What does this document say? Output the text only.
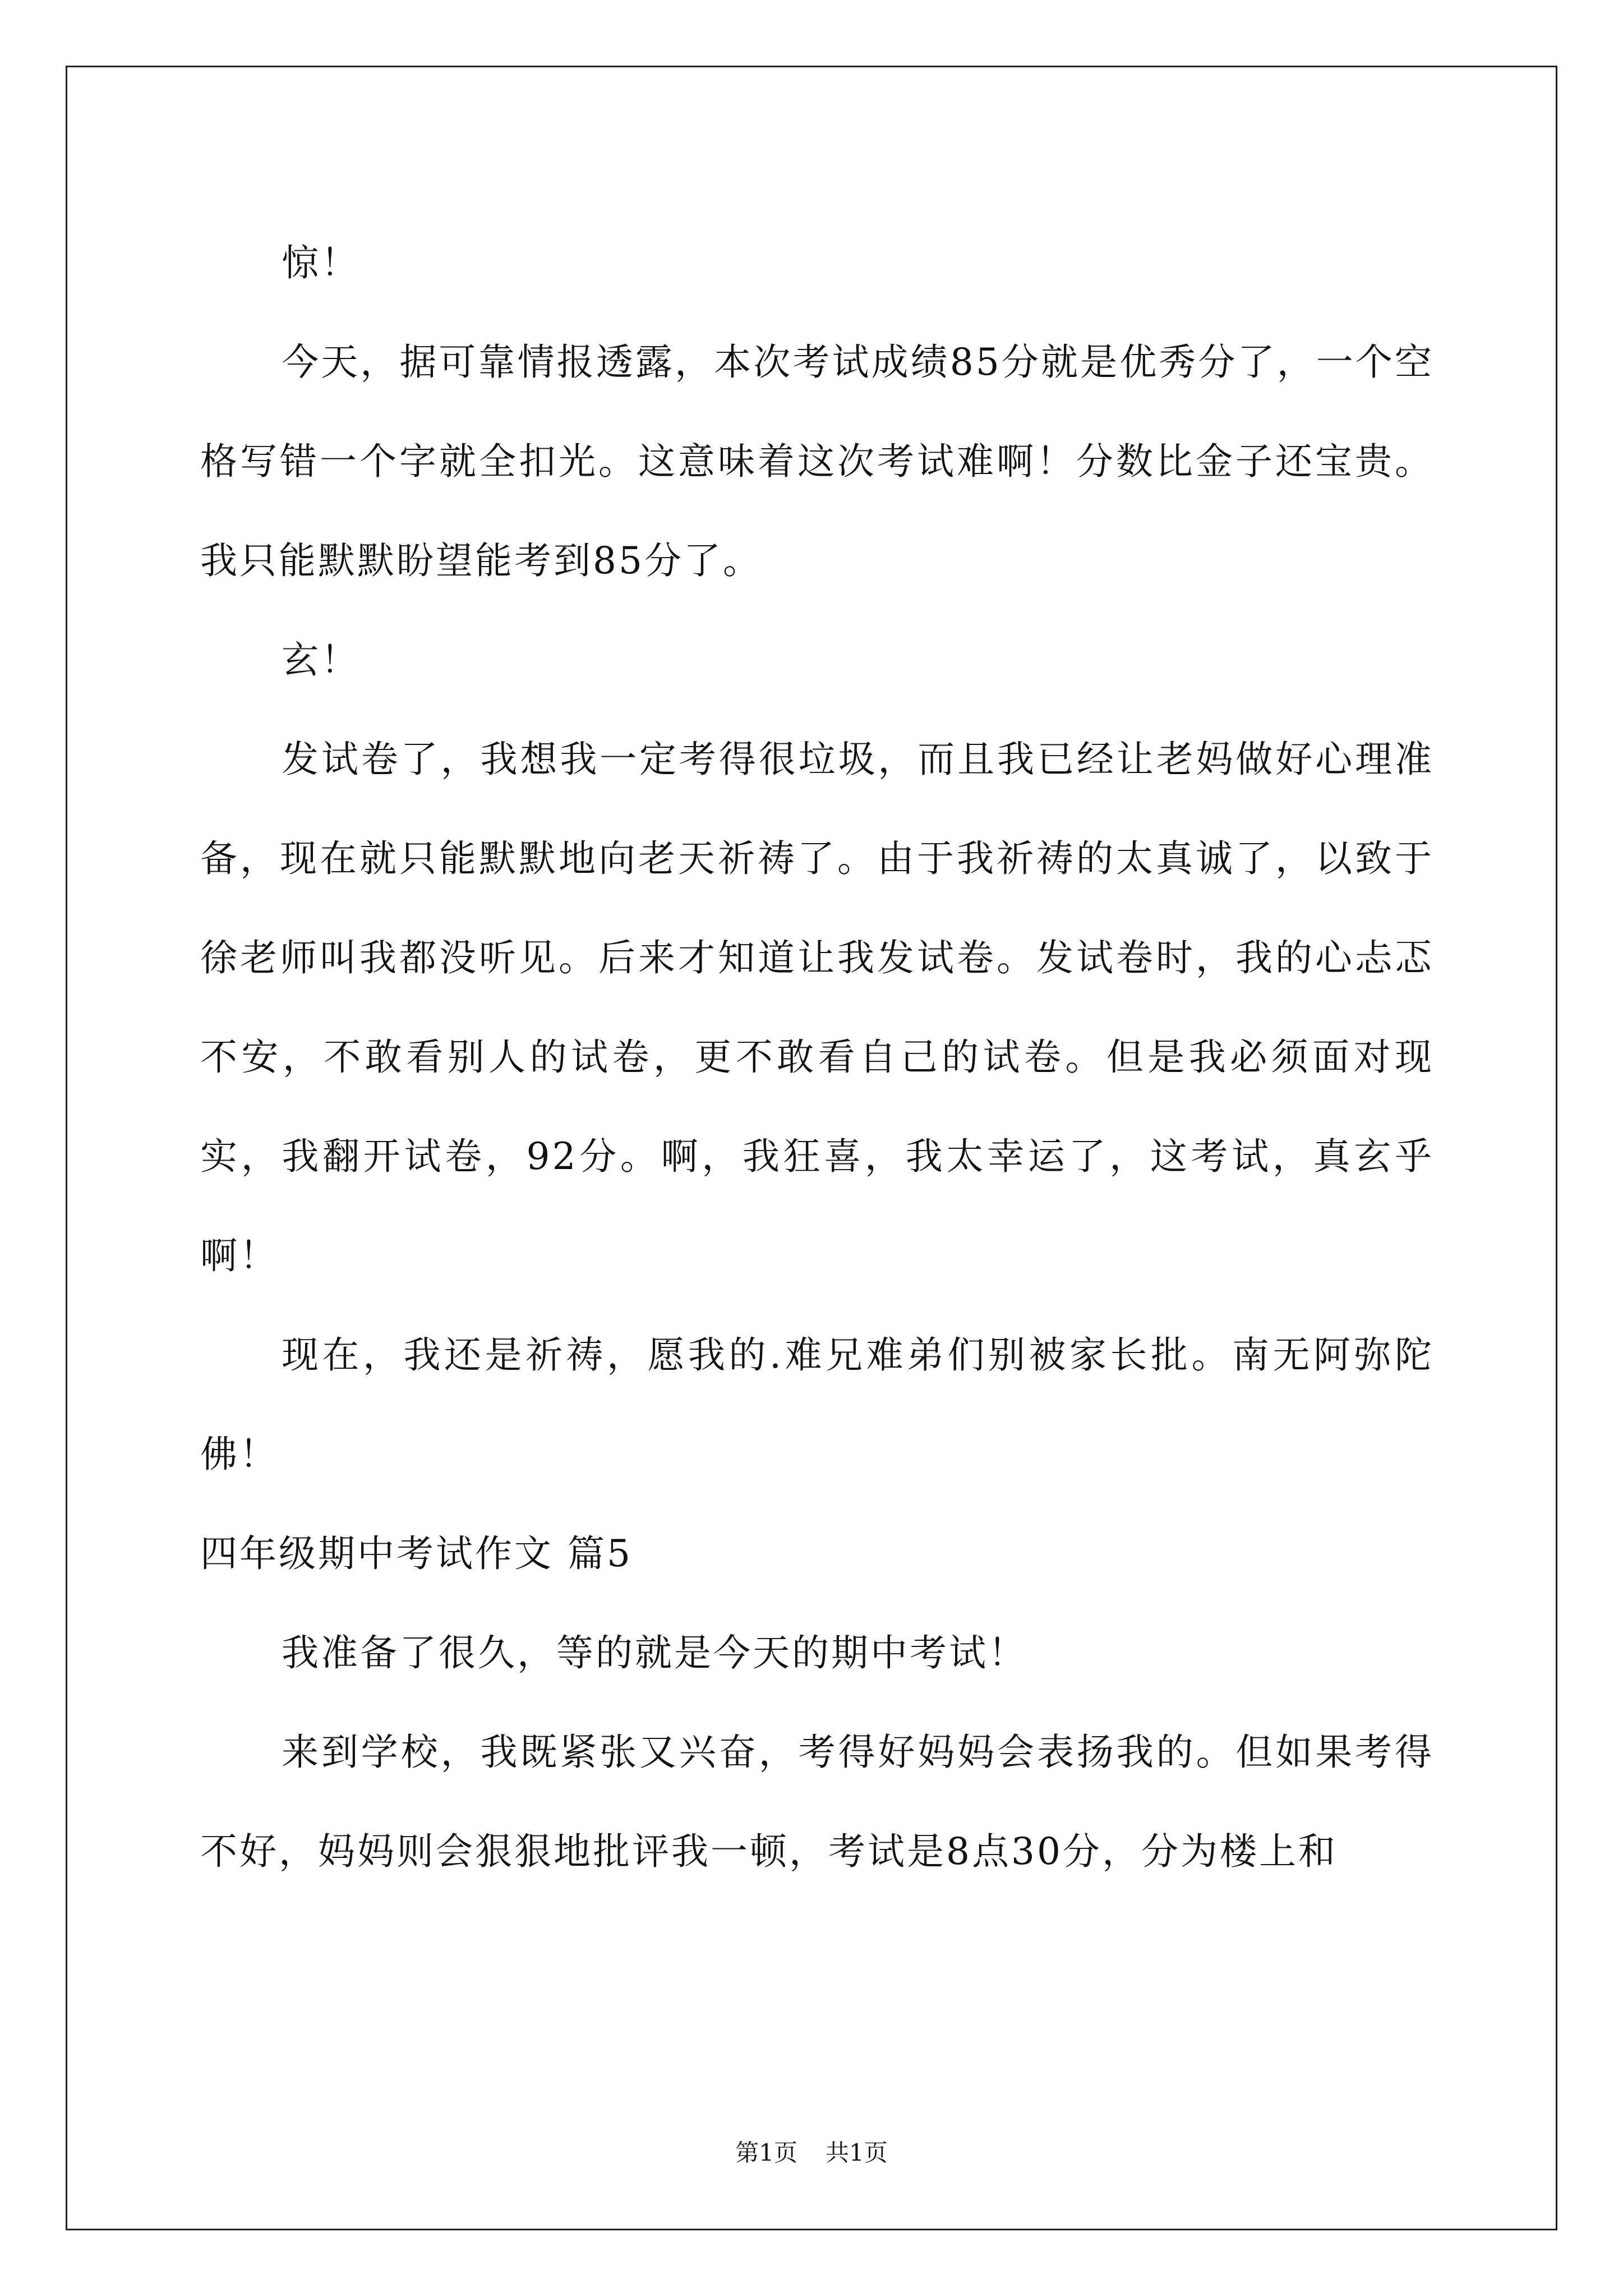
惊！

今天，据可靠情报透露，本次考试成绩85分就是优秀分了，一个空格写错一个字就全扣光。这意味着这次考试难啊！分数比金子还宝贵。我只能默默盼望能考到85分了。

玄！

发试卷了，我想我一定考得很垃圾，而且我已经让老妈做好心理准备，现在就只能默默地向老天祈祷了。由于我祈祷的太真诚了，以致于徐老师叫我都没听见。后来才知道让我发试卷。发试卷时，我的心忐忑不安，不敢看别人的试卷，更不敢看自己的试卷。但是我必须面对现实，我翻开试卷，92分。啊，我狂喜，我太幸运了，这考试，真玄乎啊！

现在，我还是祈祷，愿我的.难兄难弟们别被家长批。南无阿弥陀佛！

四年级期中考试作文 篇5

我准备了很久，等的就是今天的期中考试！

来到学校，我既紧张又兴奋，考得好妈妈会表扬我的。但如果考得不好，妈妈则会狠狠地批评我一顿，考试是8点30分，分为楼上和

第1页 共1页
